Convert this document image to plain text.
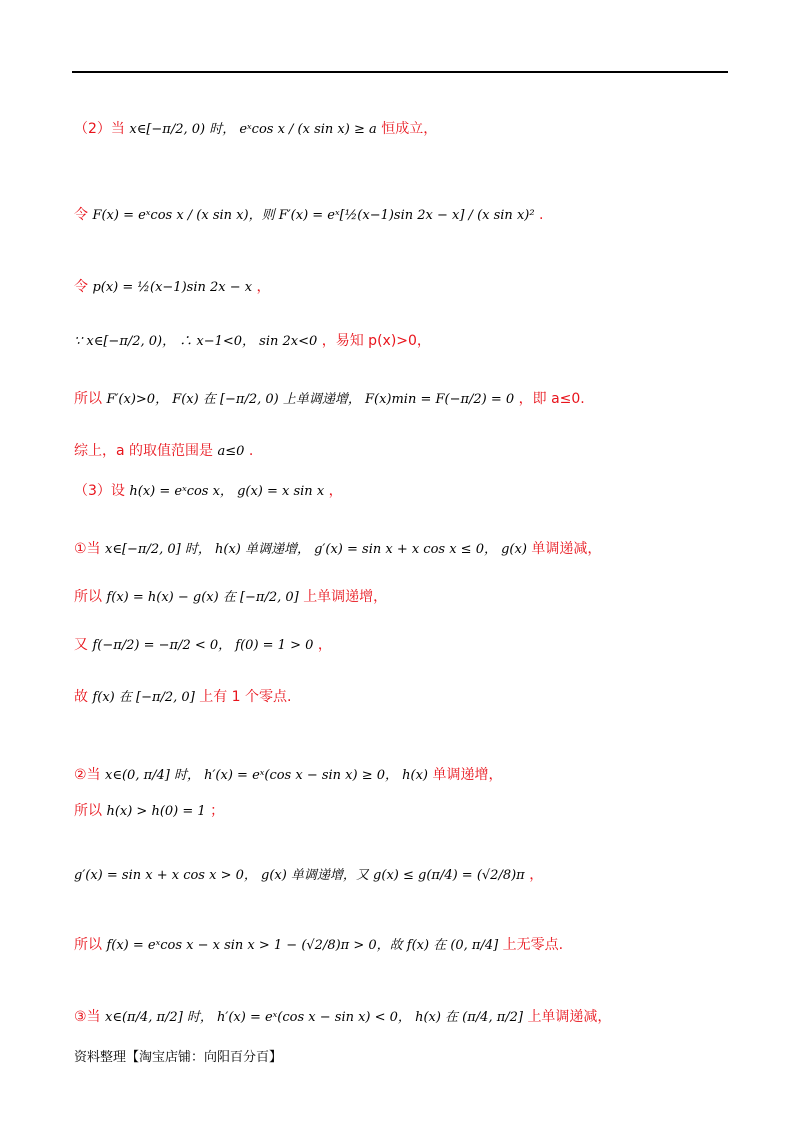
（2）当 x∈[−π/2, 0) 时， eˣcos x / (x sin x) ≥ a 恒成立，
令 F(x) = eˣcos x / (x sin x)，则 F′(x) = eˣ[½(x−1)sin 2x − x] / (x sin x)² .
令 p(x) = ½(x−1)sin 2x − x ，
∵ x∈[−π/2, 0)， ∴ x−1<0， sin 2x<0 ，易知 p(x)>0，
所以 F′(x)>0， F(x) 在 [−π/2, 0) 上单调递增， F(x)min = F(−π/2) = 0 ，即 a≤0.
综上，a 的取值范围是 a≤0 .
（3）设 h(x) = eˣcos x， g(x) = x sin x ，
①当 x∈[−π/2, 0] 时， h(x) 单调递增， g′(x) = sin x + x cos x ≤ 0， g(x) 单调递减，
所以 f(x) = h(x) − g(x) 在 [−π/2, 0] 上单调递增，
又 f(−π/2) = −π/2 < 0， f(0) = 1 > 0 ，
故 f(x) 在 [−π/2, 0] 上有 1 个零点.
②当 x∈(0, π/4] 时， h′(x) = eˣ(cos x − sin x) ≥ 0， h(x) 单调递增，
所以 h(x) > h(0) = 1 ；
g′(x) = sin x + x cos x > 0， g(x) 单调递增，又 g(x) ≤ g(π/4) = (√2/8)π ，
所以 f(x) = eˣcos x − x sin x > 1 − (√2/8)π > 0，故 f(x) 在 (0, π/4] 上无零点.
③当 x∈(π/4, π/2] 时， h′(x) = eˣ(cos x − sin x) < 0， h(x) 在 (π/4, π/2] 上单调递减，
资料整理【淘宝店铺：向阳百分百】
